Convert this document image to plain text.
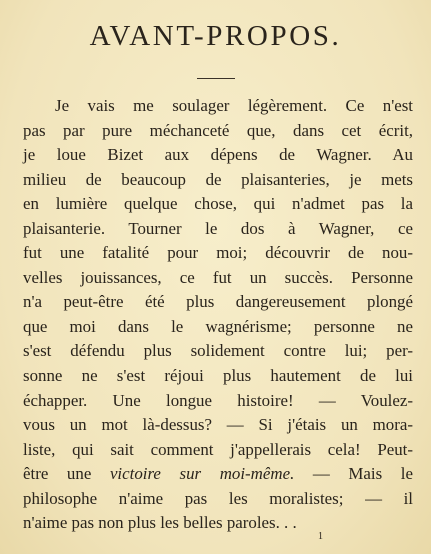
AVANT-PROPOS.
Je vais me soulager légèrement. Ce n'est
pas par pure méchanceté que, dans cet écrit,
je loue Bizet aux dépens de Wagner. Au
milieu de beaucoup de plaisanteries, je mets
en lumière quelque chose, qui n'admet pas la
plaisanterie. Tourner le dos à Wagner, ce
fut une fatalité pour moi; découvrir de nou-
velles jouissances, ce fut un succès. Personne
n'a peut-être été plus dangereusement plongé
que moi dans le wagnérisme; personne ne
s'est défendu plus solidement contre lui; per-
sonne ne s'est réjoui plus hautement de lui
échapper. Une longue histoire! — Voulez-
vous un mot là-dessus? — Si j'étais un mora-
liste, qui sait comment j'appellerais cela! Peut-
être une victoire sur moi-même. — Mais le
philosophe n'aime pas les moralistes; — il
n'aime pas non plus les belles paroles. . .
1
